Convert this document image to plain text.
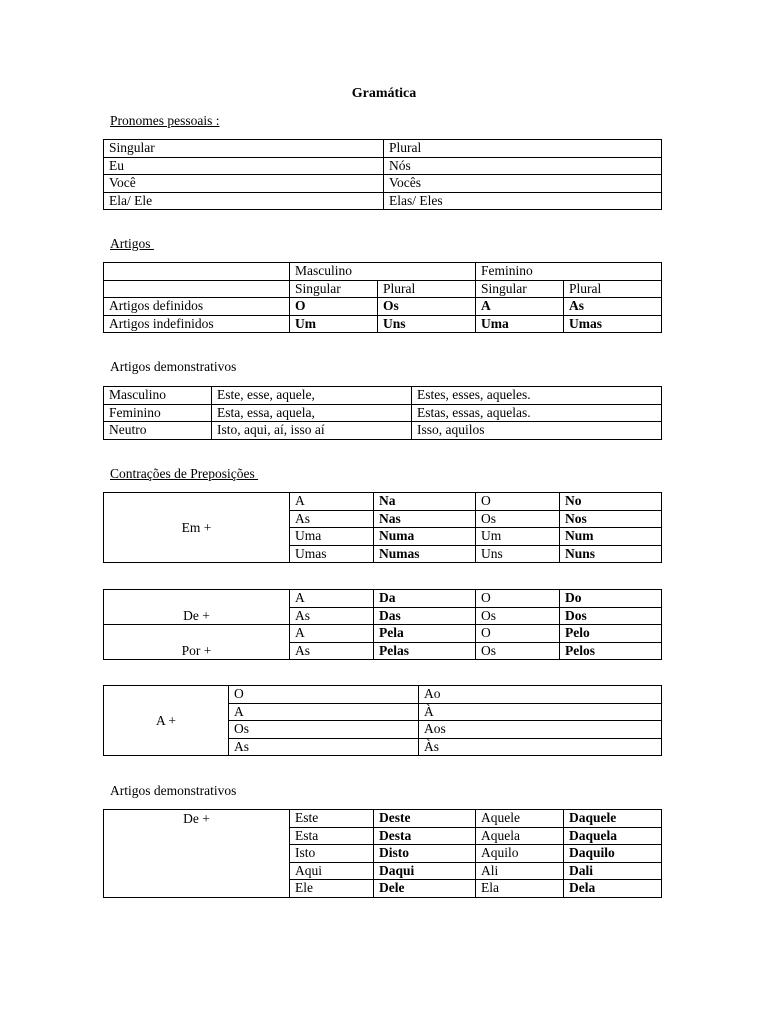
Gramática
Pronomes pessoais :
Singular	Plural
Eu	Nós
Você	Vocês
Ela/ Ele	Elas/ Eles
Artigos
	Masculino		Feminino	
	Singular	Plural	Singular	Plural
Artigos definidos	O	Os	A	As
Artigos indefinidos	Um	Uns	Uma	Umas
Artigos demonstrativos
Masculino	Este, esse, aquele,	Estes, esses, aqueles.
Feminino	Esta, essa, aquela,	Estas, essas, aquelas.
Neutro	Isto, aqui, aí, isso aí	Isso, aquilos
Contrações de Preposições
Em +	A	Na	O	No
	As	Nas	Os	Nos
	Uma	Numa	Um	Num
	Umas	Numas	Uns	Nuns
De +	A	Da	O	Do
	As	Das	Os	Dos
Por +	A	Pela	O	Pelo
	As	Pelas	Os	Pelos
A +	O	Ao
	A	À
	Os	Aos
	As	Às
Artigos demonstrativos
De +	Este	Deste	Aquele	Daquele
	Esta	Desta	Aquela	Daquela
	Isto	Disto	Aquilo	Daquilo
	Aqui	Daqui	Ali	Dali
	Ele	Dele	Ela	Dela
